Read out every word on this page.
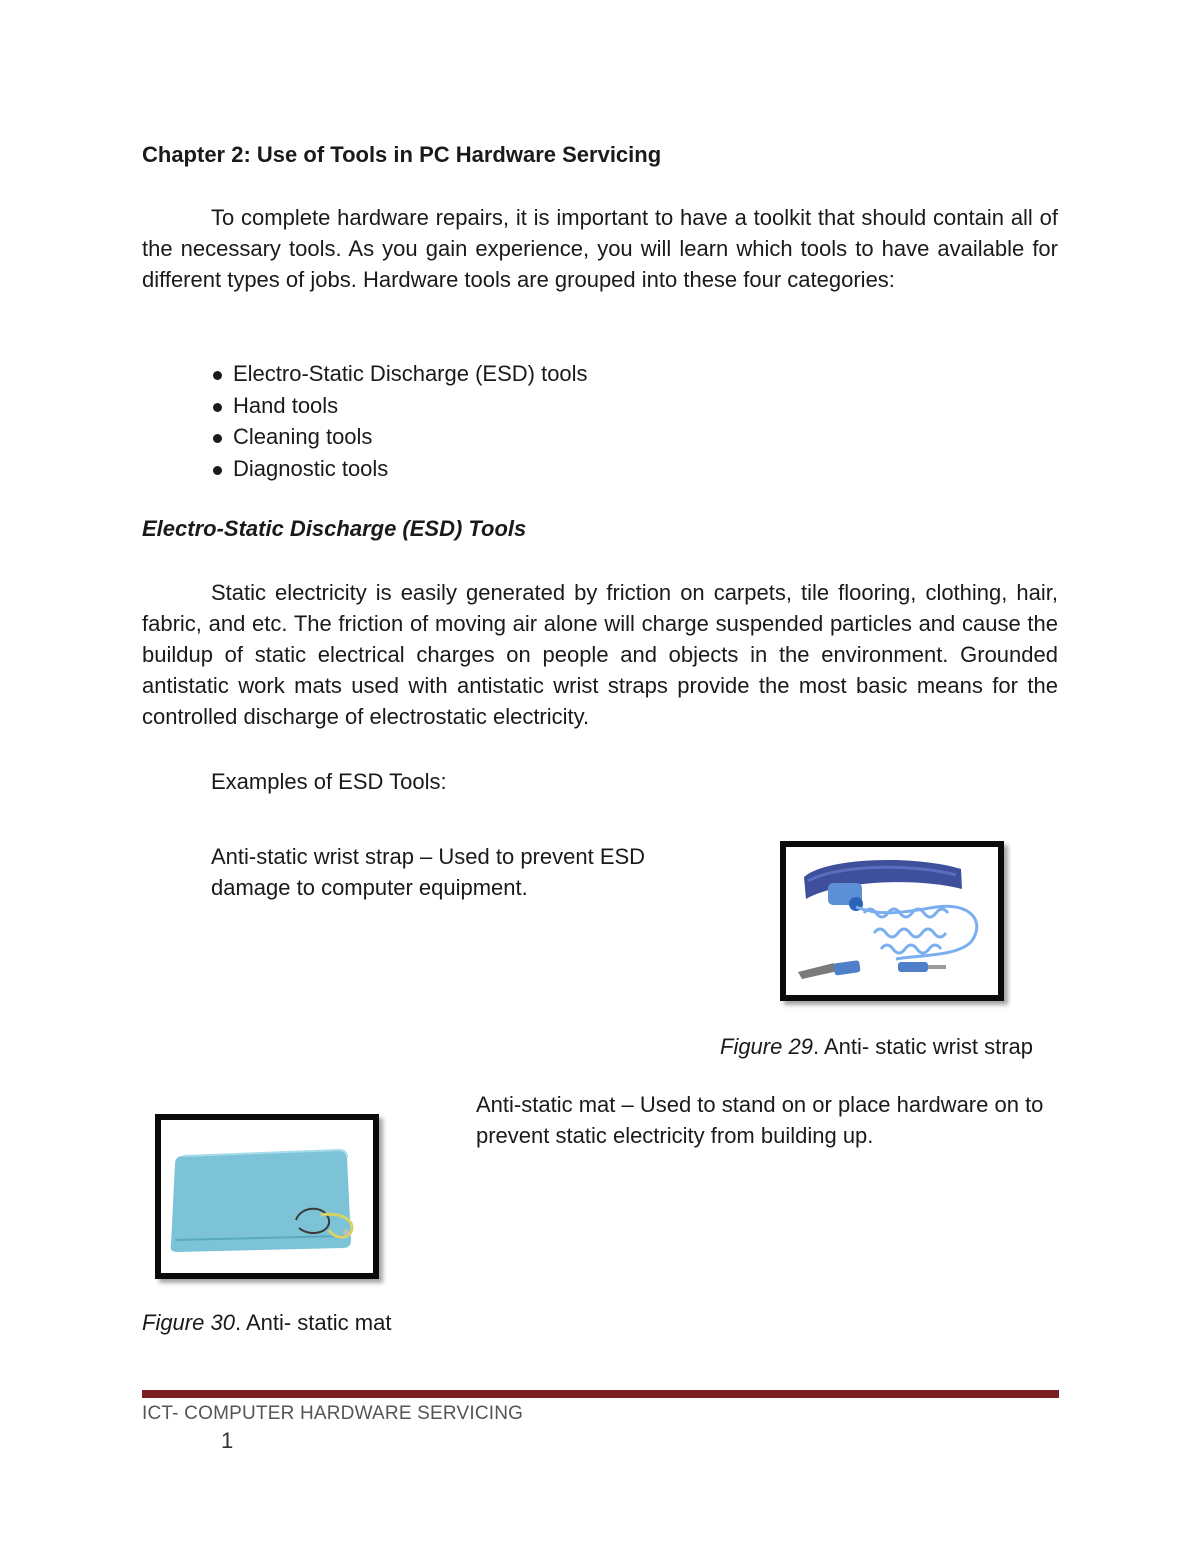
Chapter 2: Use of Tools in PC Hardware Servicing

To complete hardware repairs, it is important to have a toolkit that should contain all of the necessary tools. As you gain experience, you will learn which tools to have available for different types of jobs. Hardware tools are grouped into these four categories:

Electro-Static Discharge (ESD) tools
Hand tools
Cleaning tools
Diagnostic tools
Electro-Static Discharge (ESD) Tools

Static electricity is easily generated by friction on carpets, tile flooring, clothing, hair, fabric, and etc. The friction of moving air alone will charge suspended particles and cause the buildup of static electrical charges on people and objects in the environment. Grounded antistatic work mats used with antistatic wrist straps provide the most basic means for the controlled discharge of electrostatic electricity.

Examples of ESD Tools:
Anti-static wrist strap – Used to prevent ESD damage to computer equipment.
Figure 29. Anti- static wrist strap
Anti-static mat – Used to stand on or place hardware on to prevent static electricity from building up.
Figure 30. Anti- static mat
ICT- COMPUTER HARDWARE SERVICING
1
